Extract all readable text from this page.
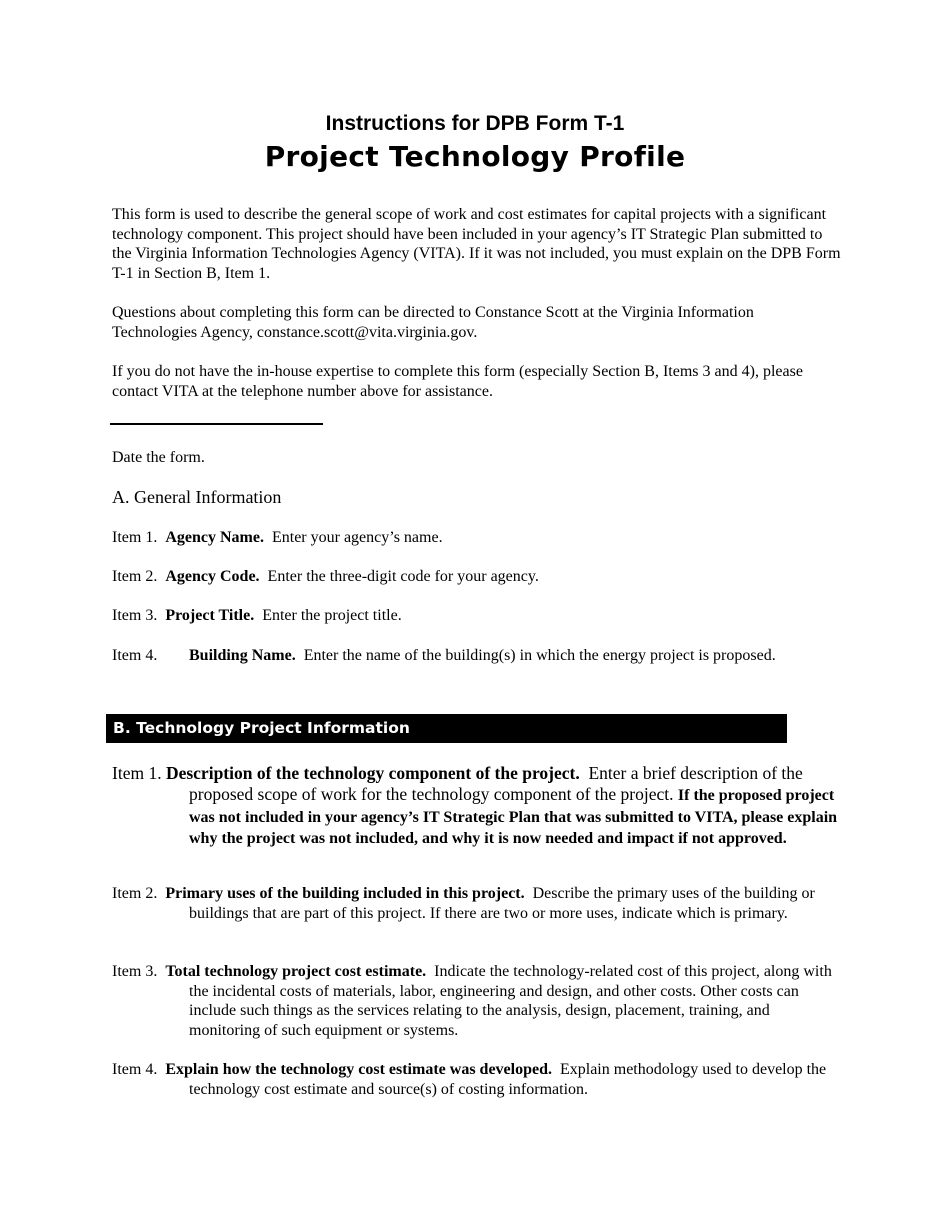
Instructions for DPB Form T-1
Project Technology Profile
This form is used to describe the general scope of work and cost estimates for capital projects with a significant technology component. This project should have been included in your agency’s IT Strategic Plan submitted to the Virginia Information Technologies Agency (VITA). If it was not included, you must explain on the DPB Form T-1 in Section B, Item 1.
Questions about completing this form can be directed to Constance Scott at the Virginia Information Technologies Agency, constance.scott@vita.virginia.gov.
If you do not have the in-house expertise to complete this form (especially Section B, Items 3 and 4), please contact VITA at the telephone number above for assistance.
Date the form.
A. General Information
Item 1. Agency Name. Enter your agency’s name.
Item 2. Agency Code. Enter the three-digit code for your agency.
Item 3. Project Title. Enter the project title.
Item 4. Building Name. Enter the name of the building(s) in which the energy project is proposed.
B. Technology Project Information
Item 1. Description of the technology component of the project. Enter a brief description of the proposed scope of work for the technology component of the project. If the proposed project was not included in your agency’s IT Strategic Plan that was submitted to VITA, please explain why the project was not included, and why it is now needed and impact if not approved.
Item 2. Primary uses of the building included in this project. Describe the primary uses of the building or buildings that are part of this project. If there are two or more uses, indicate which is primary.
Item 3. Total technology project cost estimate. Indicate the technology-related cost of this project, along with the incidental costs of materials, labor, engineering and design, and other costs. Other costs can include such things as the services relating to the analysis, design, placement, training, and monitoring of such equipment or systems.
Item 4. Explain how the technology cost estimate was developed. Explain methodology used to develop the technology cost estimate and source(s) of costing information.
